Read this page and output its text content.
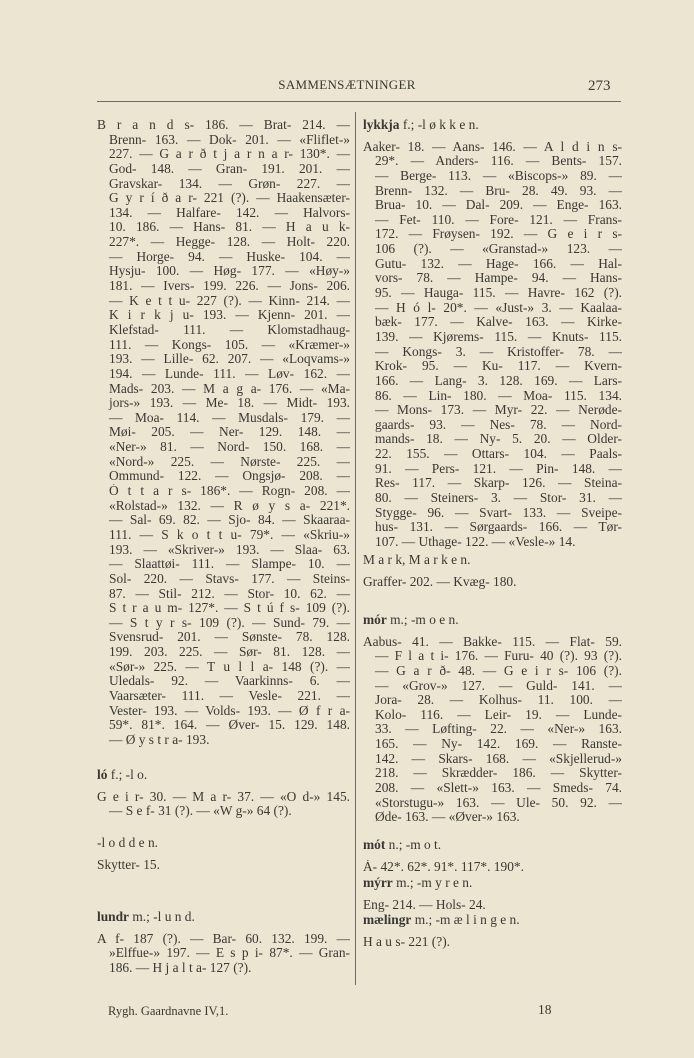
SAMMENSÆTNINGER	273
B r a n d s- 186. — Brat- 214. —
Brenn- 163. — Dok- 201. — «Fliflet-»
227. — G a r ð t j a r n a r- 130*. —
God- 148. — Gran- 191. 201. —
Gravskar- 134. — Grøn- 227. —
G y r í ð a r- 221 (?). — Haakensæter-
134. — Halfare- 142. — Halvors-
10. 186. — Hans- 81. — H a u k-
227*. — Hegge- 128. — Holt- 220.
— Horge- 94. — Huske- 104. —
Hysju- 100. — Høg- 177. — «Høy-»
181. — Ivers- 199. 226. — Jons- 206.
— K e t t u- 227 (?). — Kinn- 214. —
K i r k j u- 193. — Kjenn- 201. —
Klefstad- 111. — Klomstadhaug-
111. — Kongs- 105. — «Kræmer-»
193. — Lille- 62. 207. — «Loqvams-»
194. — Lunde- 111. — Løv- 162. —
Mads- 203. — M a g a- 176. — «Ma-
jors-» 193. — Me- 18. — Midt- 193.
— Moa- 114. — Musdals- 179. —
Møi- 205. — Ner- 129. 148. —
«Ner-» 81. — Nord- 150. 168. —
«Nord-» 225. — Nørste- 225. —
Ommund- 122. — Ongsjø- 208. —
Ó t t a r s- 186*. — Rogn- 208. —
«Rolstad-» 132. — R ø y s a- 221*.
— Sal- 69. 82. — Sjo- 84. — Skaaraa-
111. — S k o t t u- 79*. — «Skriu-»
193. — «Skriver-» 193. — Slaa- 63.
— Slaattøi- 111. — Slampe- 10. —
Sol- 220. — Stavs- 177. — Steins-
87. — Stil- 212. — Stor- 10. 62. —
S t r a u m- 127*. — S t ú f s- 109 (?).
— S t y r s- 109 (?). — Sund- 79. —
Svensrud- 201. — Sønste- 78. 128.
199. 203. 225. — Sør- 81. 128. —
«Sør-» 225. — T u l l a- 148 (?). —
Uledals- 92. — Vaarkinns- 6. —
Vaarsæter- 111. — Vesle- 221. —
Vester- 193. — Volds- 193. — Ø f r a-
59*. 81*. 164. — Øver- 15. 129. 148.
— Ø y s t r a- 193.
ló f.; -l o.
G e i r- 30. — M a r- 37. — «O d-» 145.
— S e f- 31 (?). — «W g-» 64 (?).
-l o d d e n.
Skytter- 15.
lundr m.; -l u n d.
A f- 187 (?). — Bar- 60. 132. 199. —
»Elffue-» 197. — E s p i- 87*. — Gran-
186. — H j a l t a- 127 (?).
lykkja f.; -l ø k k e n.
Aaker- 18. — Aans- 146. — A l d i n s-
29*. — Anders- 116. — Bents- 157.
— Berge- 113. — «Biscops-» 89. —
Brenn- 132. — Bru- 28. 49. 93. —
Brua- 10. — Dal- 209. — Enge- 163.
— Fet- 110. — Fore- 121. — Frans-
172. — Frøysen- 192. — G e i r s-
106 (?). — «Granstad-» 123. —
Gutu- 132. — Hage- 166. — Hal-
vors- 78. — Hampe- 94. — Hans-
95. — Hauga- 115. — Havre- 162 (?).
— H ó l- 20*. — «Just-» 3. — Kaalaa-
bæk- 177. — Kalve- 163. — Kirke-
139. — Kjørems- 115. — Knuts- 115.
— Kongs- 3. — Kristoffer- 78. —
Krok- 95. — Ku- 117. — Kvern-
166. — Lang- 3. 128. 169. — Lars-
86. — Lin- 180. — Moa- 115. 134.
— Mons- 173. — Myr- 22. — Nerøde-
gaards- 93. — Nes- 78. — Nord-
mands- 18. — Ny- 5. 20. — Older-
22. 155. — Ottars- 104. — Paals-
91. — Pers- 121. — Pin- 148. —
Res- 117. — Skarp- 126. — Steina-
80. — Steiners- 3. — Stor- 31. —
Stygge- 96. — Svart- 133. — Sveipe-
hus- 131. — Sørgaards- 166. — Tør-
107. — Uthage- 122. — «Vesle-» 14.
M a r k, M a r k e n.
Graffer- 202. — Kvæg- 180.
mór m.; -m o e n.
Aabus- 41. — Bakke- 115. — Flat- 59.
— F l a t i- 176. — Furu- 40 (?). 93 (?).
— G a r ð- 48. — G e i r s- 106 (?).
— «Grov-» 127. — Guld- 141. —
Jora- 28. — Kolhus- 11. 100. —
Kolo- 116. — Leir- 19. — Lunde-
33. — Løfting- 22. — «Ner-» 163.
165. — Ny- 142. 169. — Ranste-
142. — Skars- 168. — «Skjellerud-»
218. — Skrædder- 186. — Skytter-
208. — «Slett-» 163. — Smeds- 74.
«Storstugu-» 163. — Ule- 50. 92. —
Øde- 163. — «Øver-» 163.
mót n.; -m o t.
Á- 42*. 62*. 91*. 117*. 190*.
mýrr m.; -m y r e n.
Eng- 214. — Hols- 24.
mælingr m.; -m æ l i n g e n.
H a u s- 221 (?).
Rygh. Gaardnavne IV,1.	18
